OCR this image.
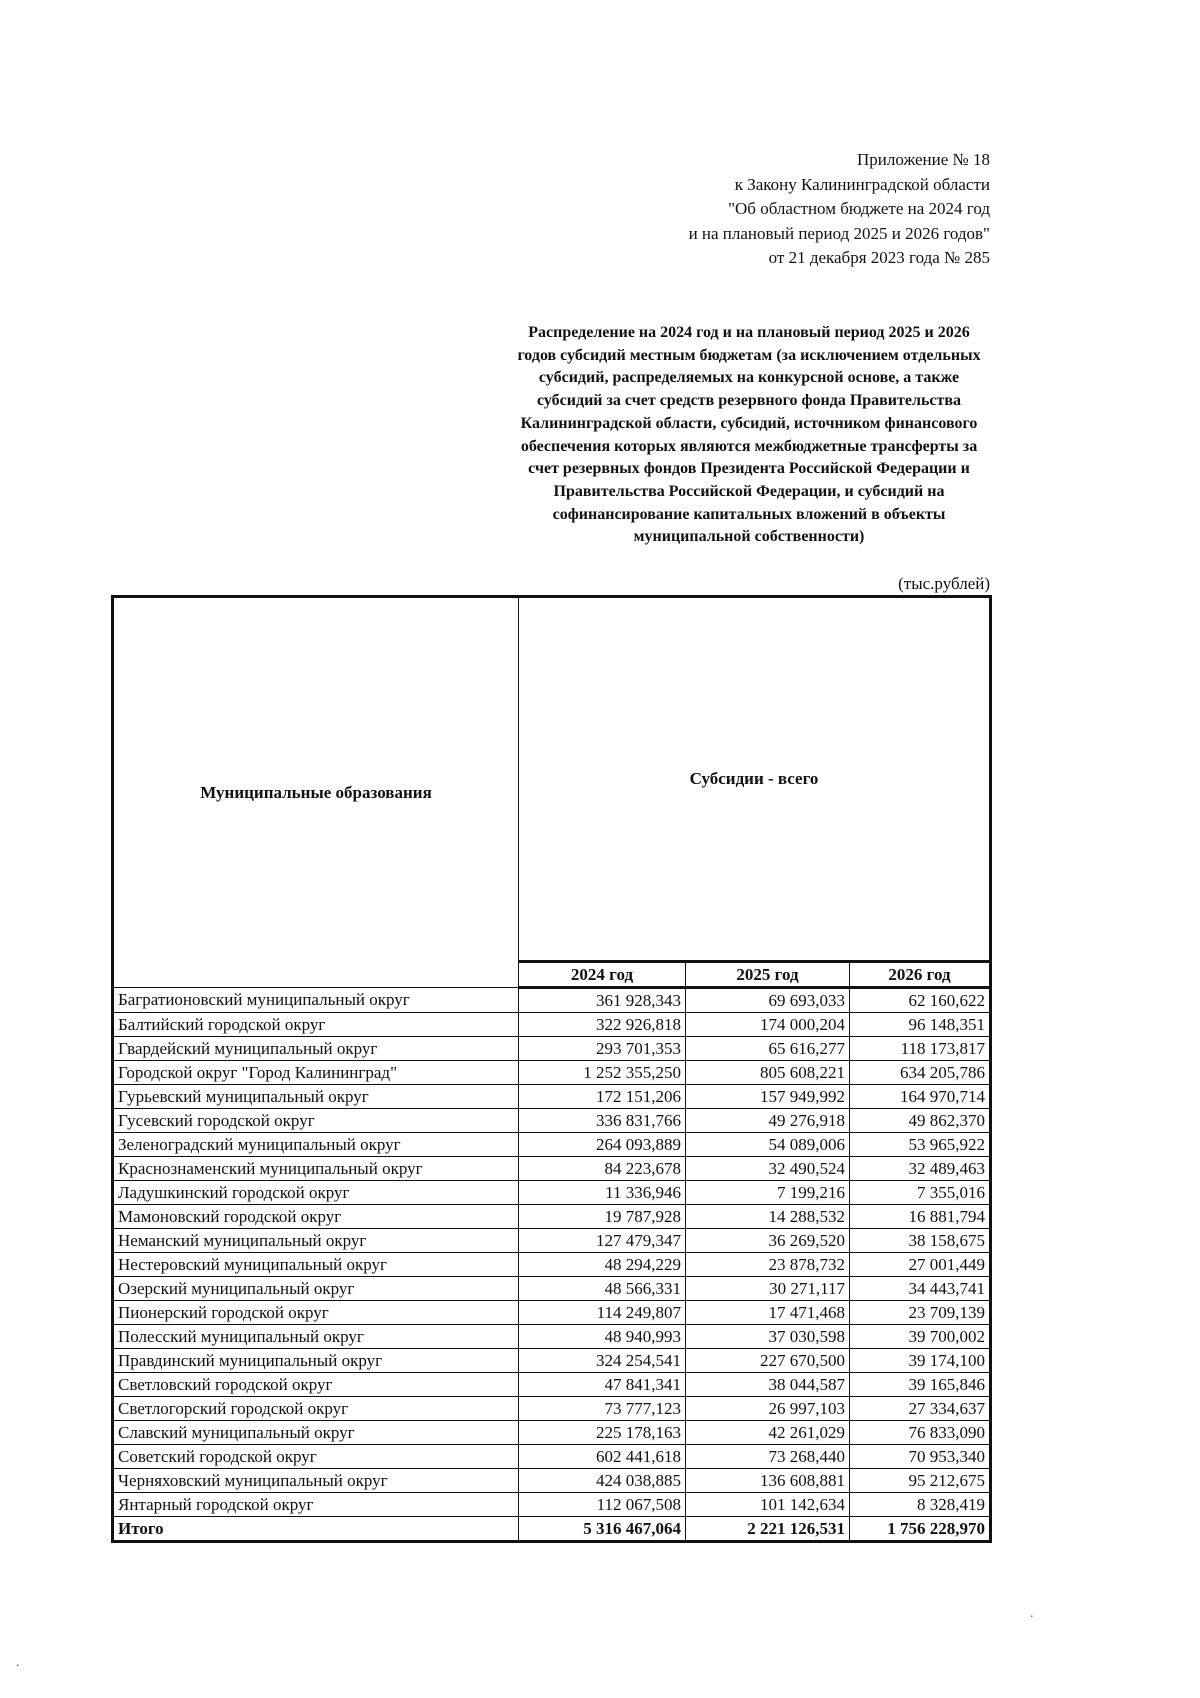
Приложение № 18
к Закону Калининградской области
"Об областном бюджете на 2024 год
и на плановый период 2025 и 2026 годов"
от 21 декабря 2023 года № 285
Распределение на 2024 год и на плановый период 2025 и 2026 годов субсидий местным бюджетам (за исключением отдельных субсидий, распределяемых на конкурсной основе, а также субсидий за счет средств резервного фонда Правительства Калининградской области, субсидий, источником финансового обеспечения которых являются межбюджетные трансферты за счет резервных фондов Президента Российской Федерации и Правительства Российской Федерации, и субсидий на софинансирование капитальных вложений в объекты муниципальной собственности)
(тыс.рублей)
Муниципальные образования	Субсидии - всего		
	2024 год	2025 год	2026 год
Багратионовский муниципальный округ	361 928,343	69 693,033	62 160,622
Балтийский городской округ	322 926,818	174 000,204	96 148,351
Гвардейский муниципальный округ	293 701,353	65 616,277	118 173,817
Городской округ "Город Калининград"	1 252 355,250	805 608,221	634 205,786
Гурьевский муниципальный округ	172 151,206	157 949,992	164 970,714
Гусевский городской округ	336 831,766	49 276,918	49 862,370
Зеленоградский муниципальный округ	264 093,889	54 089,006	53 965,922
Краснознаменский муниципальный округ	84 223,678	32 490,524	32 489,463
Ладушкинский городской округ	11 336,946	7 199,216	7 355,016
Мамоновский городской округ	19 787,928	14 288,532	16 881,794
Неманский муниципальный округ	127 479,347	36 269,520	38 158,675
Нестеровский муниципальный округ	48 294,229	23 878,732	27 001,449
Озерский муниципальный округ	48 566,331	30 271,117	34 443,741
Пионерский городской округ	114 249,807	17 471,468	23 709,139
Полесский муниципальный округ	48 940,993	37 030,598	39 700,002
Правдинский муниципальный округ	324 254,541	227 670,500	39 174,100
Светловский городской округ	47 841,341	38 044,587	39 165,846
Светлогорский городской округ	73 777,123	26 997,103	27 334,637
Славский муниципальный округ	225 178,163	42 261,029	76 833,090
Советский городской округ	602 441,618	73 268,440	70 953,340
Черняховский муниципальный округ	424 038,885	136 608,881	95 212,675
Янтарный городской округ	112 067,508	101 142,634	8 328,419
Итого	5 316 467,064	2 221 126,531	1 756 228,970
.
.
